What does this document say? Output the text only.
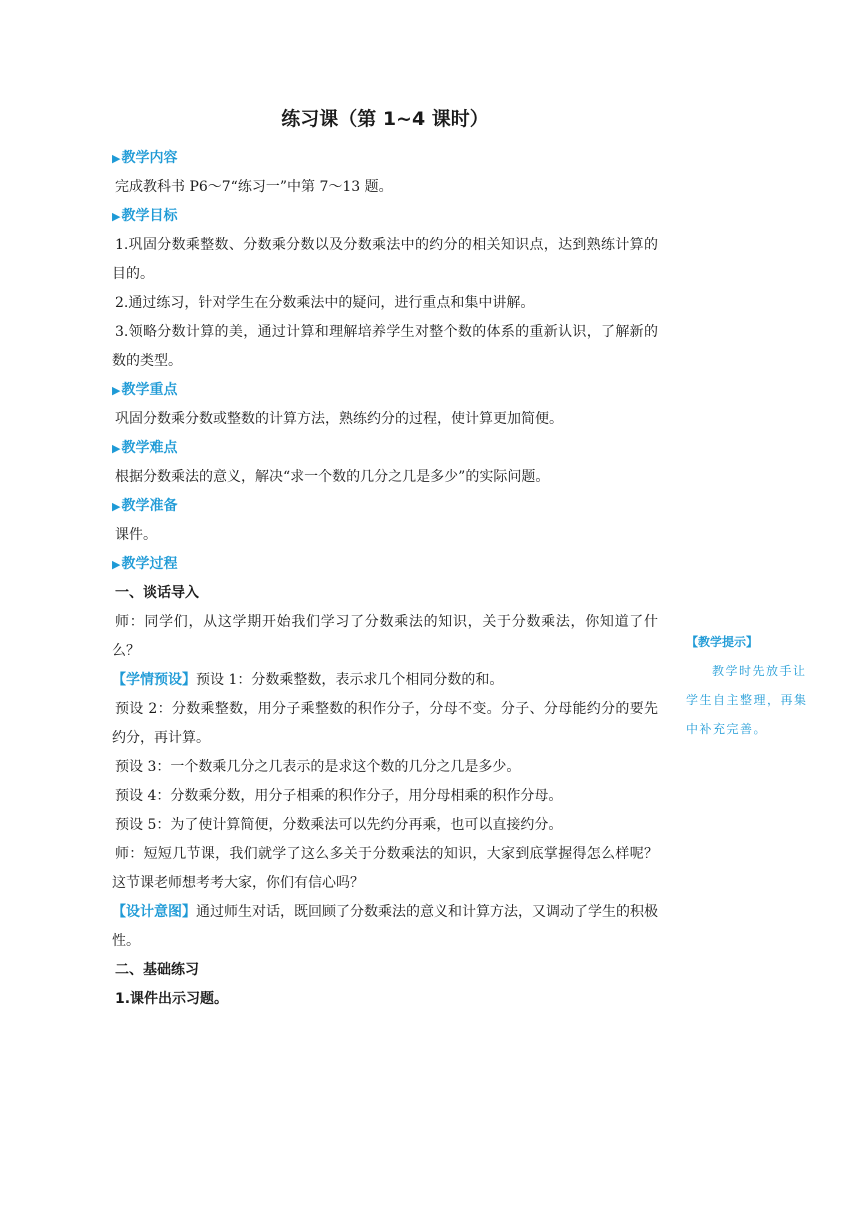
练习课（第 1~4 课时）

▶教学内容

完成教科书 P6～7“练习一”中第 7～13 题。

▶教学目标

1.巩固分数乘整数、分数乘分数以及分数乘法中的约分的相关知识点，达到熟练计算的目的。

2.通过练习，针对学生在分数乘法中的疑问，进行重点和集中讲解。

3.领略分数计算的美，通过计算和理解培养学生对整个数的体系的重新认识，了解新的数的类型。

▶教学重点

巩固分数乘分数或整数的计算方法，熟练约分的过程，使计算更加简便。

▶教学难点

根据分数乘法的意义，解决“求一个数的几分之几是多少”的实际问题。

▶教学准备

课件。

▶教学过程

一、谈话导入

师：同学们，从这学期开始我们学习了分数乘法的知识，关于分数乘法，你知道了什么？

【学情预设】预设 1：分数乘整数，表示求几个相同分数的和。

预设 2：分数乘整数，用分子乘整数的积作分子，分母不变。分子、分母能约分的要先约分，再计算。

预设 3：一个数乘几分之几表示的是求这个数的几分之几是多少。

预设 4：分数乘分数，用分子相乘的积作分子，用分母相乘的积作分母。

预设 5：为了使计算简便，分数乘法可以先约分再乘，也可以直接约分。

师：短短几节课，我们就学了这么多关于分数乘法的知识，大家到底掌握得怎么样呢？这节课老师想考考大家，你们有信心吗？

【设计意图】通过师生对话，既回顾了分数乘法的意义和计算方法，又调动了学生的积极性。

二、基础练习

1.课件出示习题。

【教学提示】
教学时先放手让学生自主整理，再集中补充完善。
